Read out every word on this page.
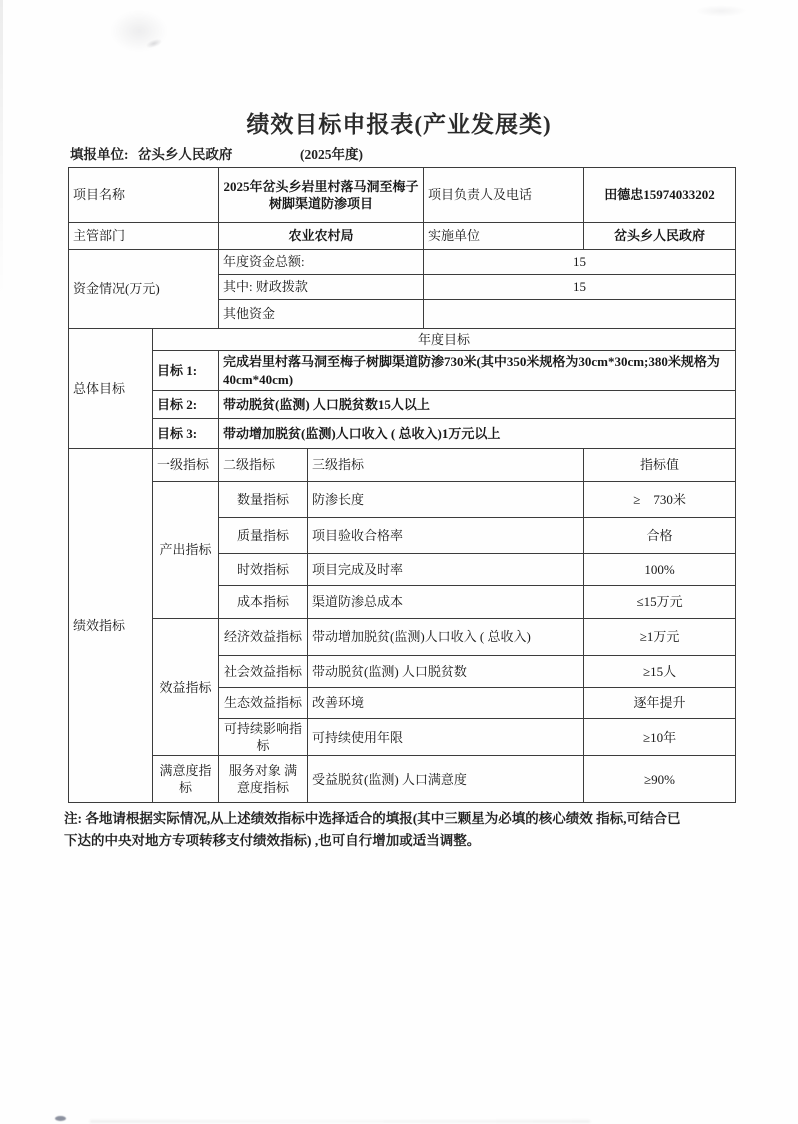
绩效目标申报表(产业发展类)
填报单位: 岔头乡人民政府	(2025年度)
项目名称		2025年岔头乡岩里村落马洞至梅子树脚渠道防渗项目		项目负责人及电话	田德忠15974033202
主管部门		农业农村局		实施单位	岔头乡人民政府
资金情况(万元)		年度资金总额:		15	
		其中: 财政拨款		15	
		其他资金			
总体目标	年度目标				
	目标 1:	完成岩里村落马洞至梅子树脚渠道防渗730米(其中350米规格为30cm*30cm;380米规格为40cm*40cm)			
	目标 2:	带动脱贫(监测) 人口脱贫数15人以上			
	目标 3:	带动增加脱贫(监测)人口收入 ( 总收入)1万元以上			
绩效指标	一级指标	二级指标	三级指标		指标值
	产出指标	数量指标	防渗长度		≥　730米
		质量指标	项目验收合格率		合格
		时效指标	项目完成及时率		100%
		成本指标	渠道防渗总成本		≤15万元
	效益指标	经济效益指标	带动增加脱贫(监测)人口收入 ( 总收入)		≥1万元
		社会效益指标	带动脱贫(监测) 人口脱贫数		≥15人
		生态效益指标	改善环境		逐年提升
		可持续影响指标	可持续使用年限		≥10年
	满意度指标	服务对象 满意度指标	受益脱贫(监测) 人口满意度		≥90%
注: 各地请根据实际情况,从上述绩效指标中选择适合的填报(其中三颗星为必填的核心绩效 指标,可结合已
下达的中央对地方专项转移支付绩效指标) ,也可自行增加或适当调整。
